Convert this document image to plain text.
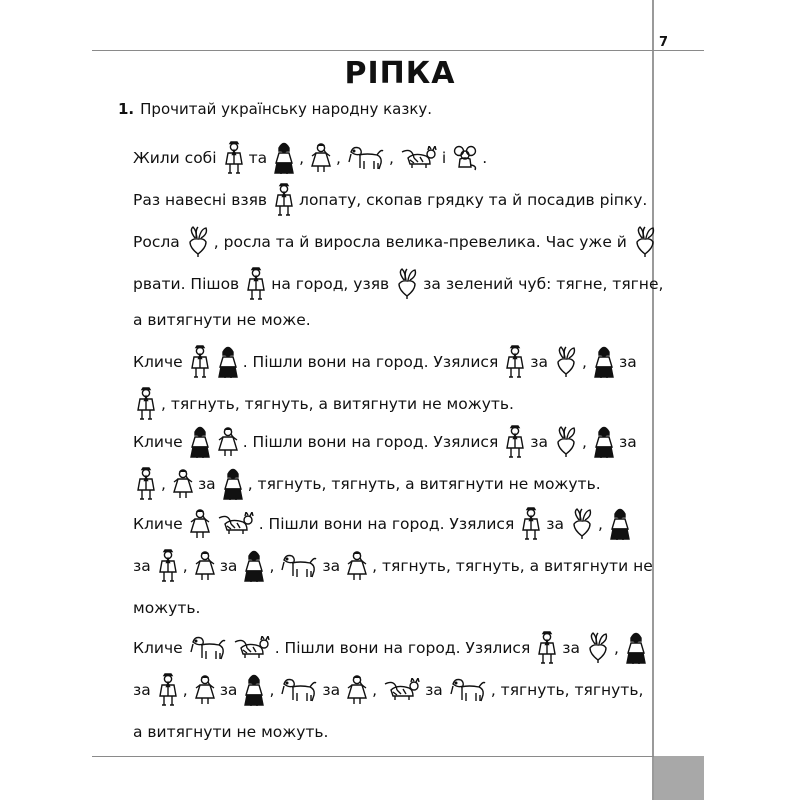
7
РІПКА
1. Прочитай українську народну казку.
Жили собі та , ,	,	і .
Раз навесні взяв лопату, скопав грядку та й посадив ріпку.
Росла , росла та й виросла велика-превелика. Час уже й
рвати. Пішов на город, узяв за зелений чуб: тягне, тягне,
а витягнути не може.
Кличе	. Пішли вони на город. Узялися за , за
, тягнуть, тягнуть, а витягнути не можуть.
Кличе	. Пішли вони на город. Узялися за , за
, за , тягнуть, тягнуть, а витягнути не можуть.
Кличе	. Пішли вони на город. Узялися за ,
за , за ,	за , тягнуть, тягнуть, а витягнути не
можуть.
Кличе	. Пішли вони на город. Узялися за ,
за , за ,	за ,	за	, тягнуть, тягнуть,
а витягнути не можуть.
